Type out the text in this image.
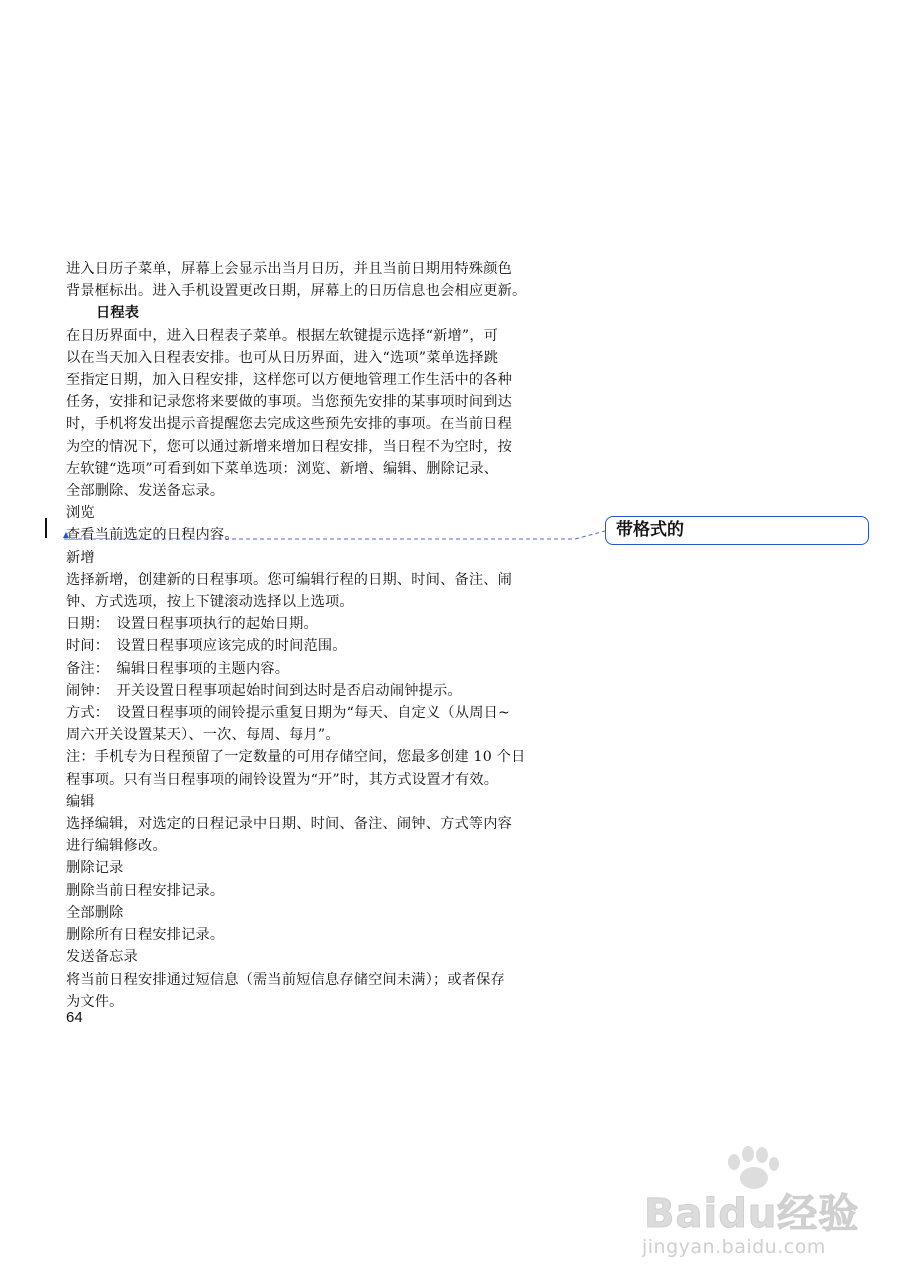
进入日历子菜单，屏幕上会显示出当月日历，并且当前日期用特殊颜色

背景框标出。进入手机设置更改日期，屏幕上的日历信息也会相应更新。

日程表

在日历界面中，进入日程表子菜单。根据左软键提示选择“新增”，可

以在当天加入日程表安排。也可从日历界面，进入“选项”菜单选择跳

至指定日期，加入日程安排，这样您可以方便地管理工作生活中的各种

任务，安排和记录您将来要做的事项。当您预先安排的某事项时间到达

时，手机将发出提示音提醒您去完成这些预先安排的事项。在当前日程

为空的情况下，您可以通过新增来增加日程安排，当日程不为空时，按

左软键“选项”可看到如下菜单选项：浏览、新增、编辑、删除记录、

全部删除、发送备忘录。

浏览

查看当前选定的日程内容。

新增

选择新增，创建新的日程事项。您可编辑行程的日期、时间、备注、闹

钟、方式选项，按上下键滚动选择以上选项。

日期：　设置日程事项执行的起始日期。

时间：　设置日程事项应该完成的时间范围。

备注：　编辑日程事项的主题内容。

闹钟：　开关设置日程事项起始时间到达时是否启动闹钟提示。

方式：　设置日程事项的闹铃提示重复日期为“每天、自定义（从周日~

周六开关设置某天）、一次、每周、每月”。

注：手机专为日程预留了一定数量的可用存储空间，您最多创建 10 个日

程事项。只有当日程事项的闹铃设置为“开”时，其方式设置才有效。

编辑

选择编辑，对选定的日程记录中日期、时间、备注、闹钟、方式等内容

进行编辑修改。

删除记录

删除当前日程安排记录。

全部删除

删除所有日程安排记录。

发送备忘录

将当前日程安排通过短信息（需当前短信息存储空间未满）；或者保存

为文件。

64
带格式的
Baidu经验
jingyan.baidu.com
